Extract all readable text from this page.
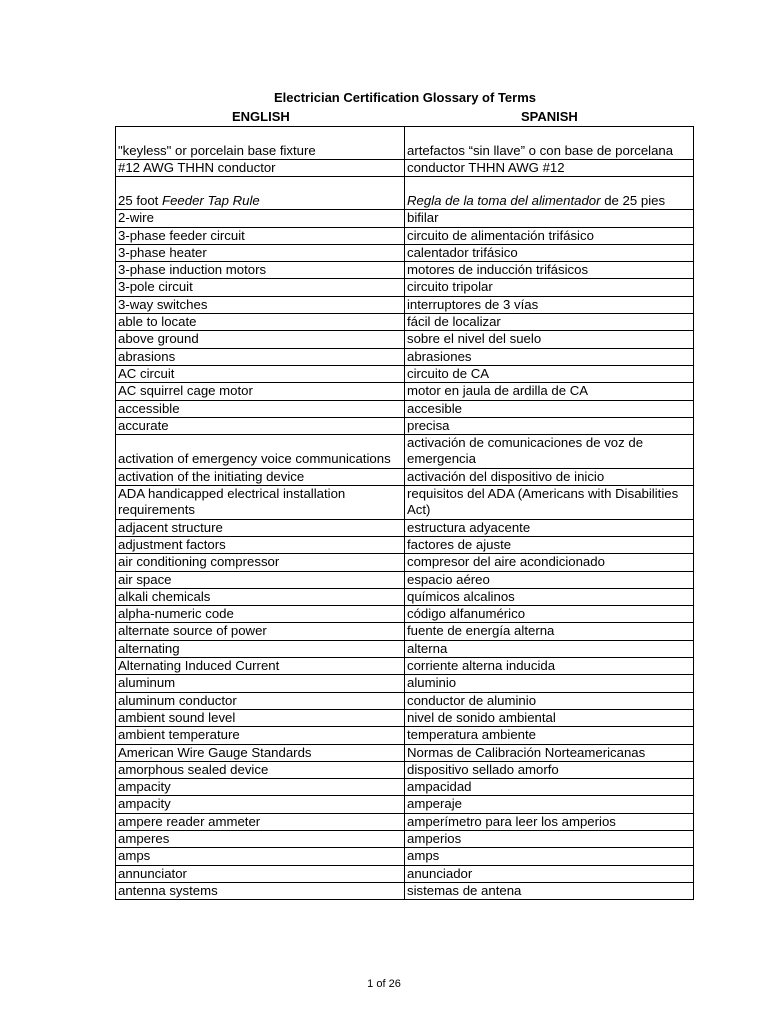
Electrician Certification Glossary of Terms
ENGLISH	SPANISH
"keyless" or porcelain base fixture	artefactos “sin llave” o con base de porcelana
#12 AWG THHN conductor	conductor THHN AWG #12
25 foot Feeder Tap Rule	Regla de la toma del alimentador de 25 pies
2-wire	bifilar
3-phase feeder circuit	circuito de alimentación trifásico
3-phase heater	calentador trifásico
3-phase induction motors	motores de inducción trifásicos
3-pole circuit	circuito tripolar
3-way switches	interruptores de 3 vías
able to locate	fácil de localizar
above ground	sobre el nivel del suelo
abrasions	abrasiones
AC circuit	circuito de CA
AC squirrel cage motor	motor en jaula de ardilla de CA
accessible	accesible
accurate	precisa
activation of emergency voice communications	activación de comunicaciones de voz de emergencia
activation of the initiating device	activación del dispositivo de inicio
ADA handicapped electrical installation requirements	requisitos del ADA (Americans with Disabilities Act)
adjacent structure	estructura adyacente
adjustment factors	factores de ajuste
air conditioning compressor	compresor del aire acondicionado
air space	espacio aéreo
alkali chemicals	químicos alcalinos
alpha-numeric code	código alfanumérico
alternate source of power	fuente de energía alterna
alternating	alterna
Alternating Induced Current	corriente alterna inducida
aluminum	aluminio
aluminum conductor	conductor de aluminio
ambient sound level	nivel de sonido ambiental
ambient temperature	temperatura ambiente
American Wire Gauge Standards	Normas de Calibración Norteamericanas
amorphous sealed device	dispositivo sellado amorfo
ampacity	ampacidad
ampacity	amperaje
ampere reader ammeter	amperímetro para leer los amperios
amperes	amperios
amps	amps
annunciator	anunciador
antenna systems	sistemas de antena
1 of 26
